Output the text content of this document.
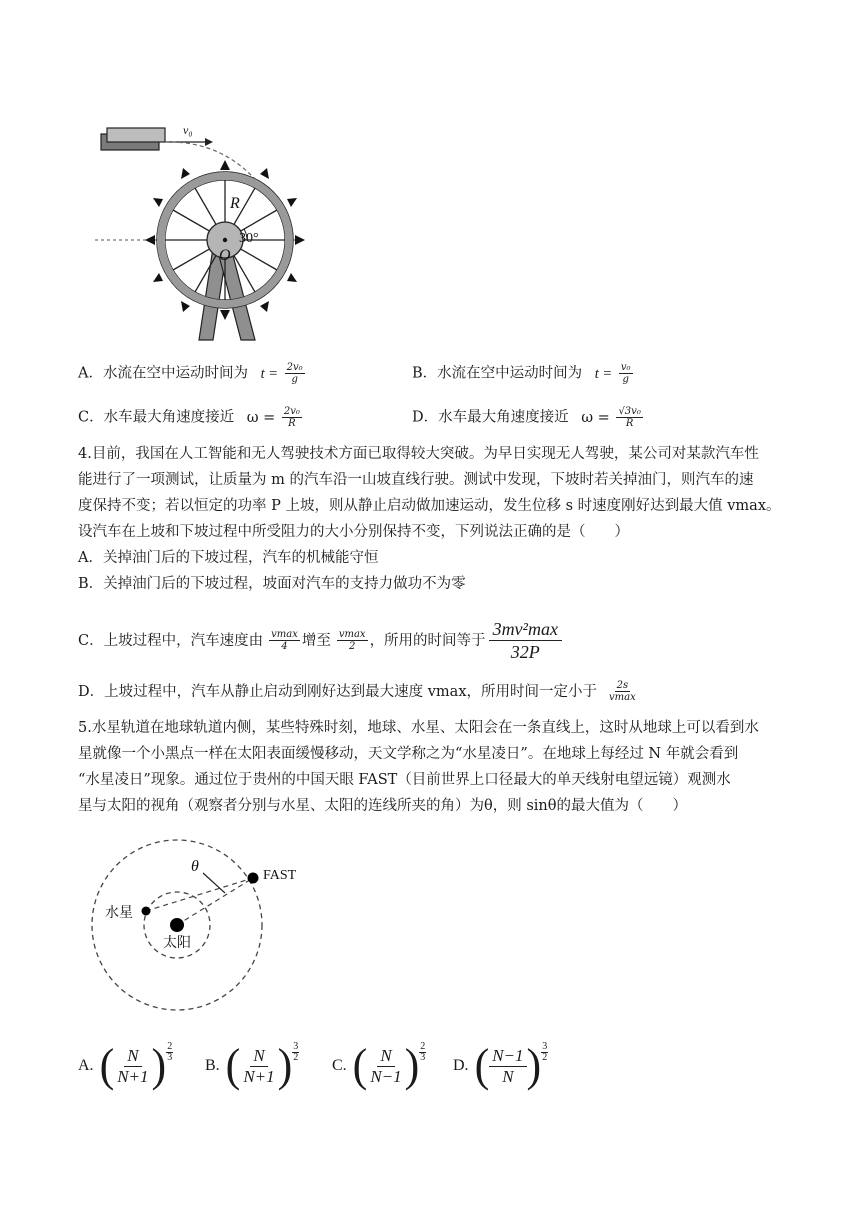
R
30°
O
v₀
A．水流在空中运动时间为 $t = \frac{\text{2v₀}}{g}$	B．水流在空中运动时间为 $t = \frac{\text{v₀}}{g}$
C．水车最大角速度接近 $\omega = \frac{\text{2v₀}}{R}$	D．水车最大角速度接近 $\omega = \frac{\text{√3v₀}}{R}$
4.目前，我国在人工智能和无人驾驶技术方面已取得较大突破。为早日实现无人驾驶，某公司对某款汽车性
能进行了一项测试，让质量为 m 的汽车沿一山坡直线行驶。测试中发现，下坡时若关掉油门，则汽车的速
度保持不变；若以恒定的功率 P 上坡，则从静止启动做加速运动，发生位移 s 时速度刚好达到最大值 vmax。
设汽车在上坡和下坡过程中所受阻力的大小分别保持不变，下列说法正确的是（　　）
A．关掉油门后的下坡过程，汽车的机械能守恒
B．关掉油门后的下坡过程，坡面对汽车的支持力做功不为零
C．上坡过程中，汽车速度由 $\frac{vmax}{4}$ 增至 $\frac{vmax}{2}$ ，所用的时间等于 $\frac{\text{3mv²max}}{32P}$
D．上坡过程中，汽车从静止启动到刚好达到最大速度 vmax，所用时间一定小于 $\frac{2s}{vmax}$
5.水星轨道在地球轨道内侧，某些特殊时刻，地球、水星、太阳会在一条直线上，这时从地球上可以看到水
星就像一个小黑点一样在太阳表面缓慢移动，天文学称之为“水星凌日”。在地球上每经过 N 年就会看到
“水星凌日”现象。通过位于贵州的中国天眼 FAST（目前世界上口径最大的单天线射电望远镜）观测水
星与太阳的视角（观察者分别与水星、太阳的连线所夹的角）为θ，则 sinθ的最大值为（　　）
θ
FAST
水星
太阳
A. ( $\frac{N}{N+1}$ ) $\frac{2}{3}$
B. ( $\frac{N}{N+1}$ ) $\frac{3}{2}$
C. ( $\frac{N}{N-1}$ ) $\frac{2}{3}$
D. ( $\frac{N-1}{N}$ ) $\frac{3}{2}$
